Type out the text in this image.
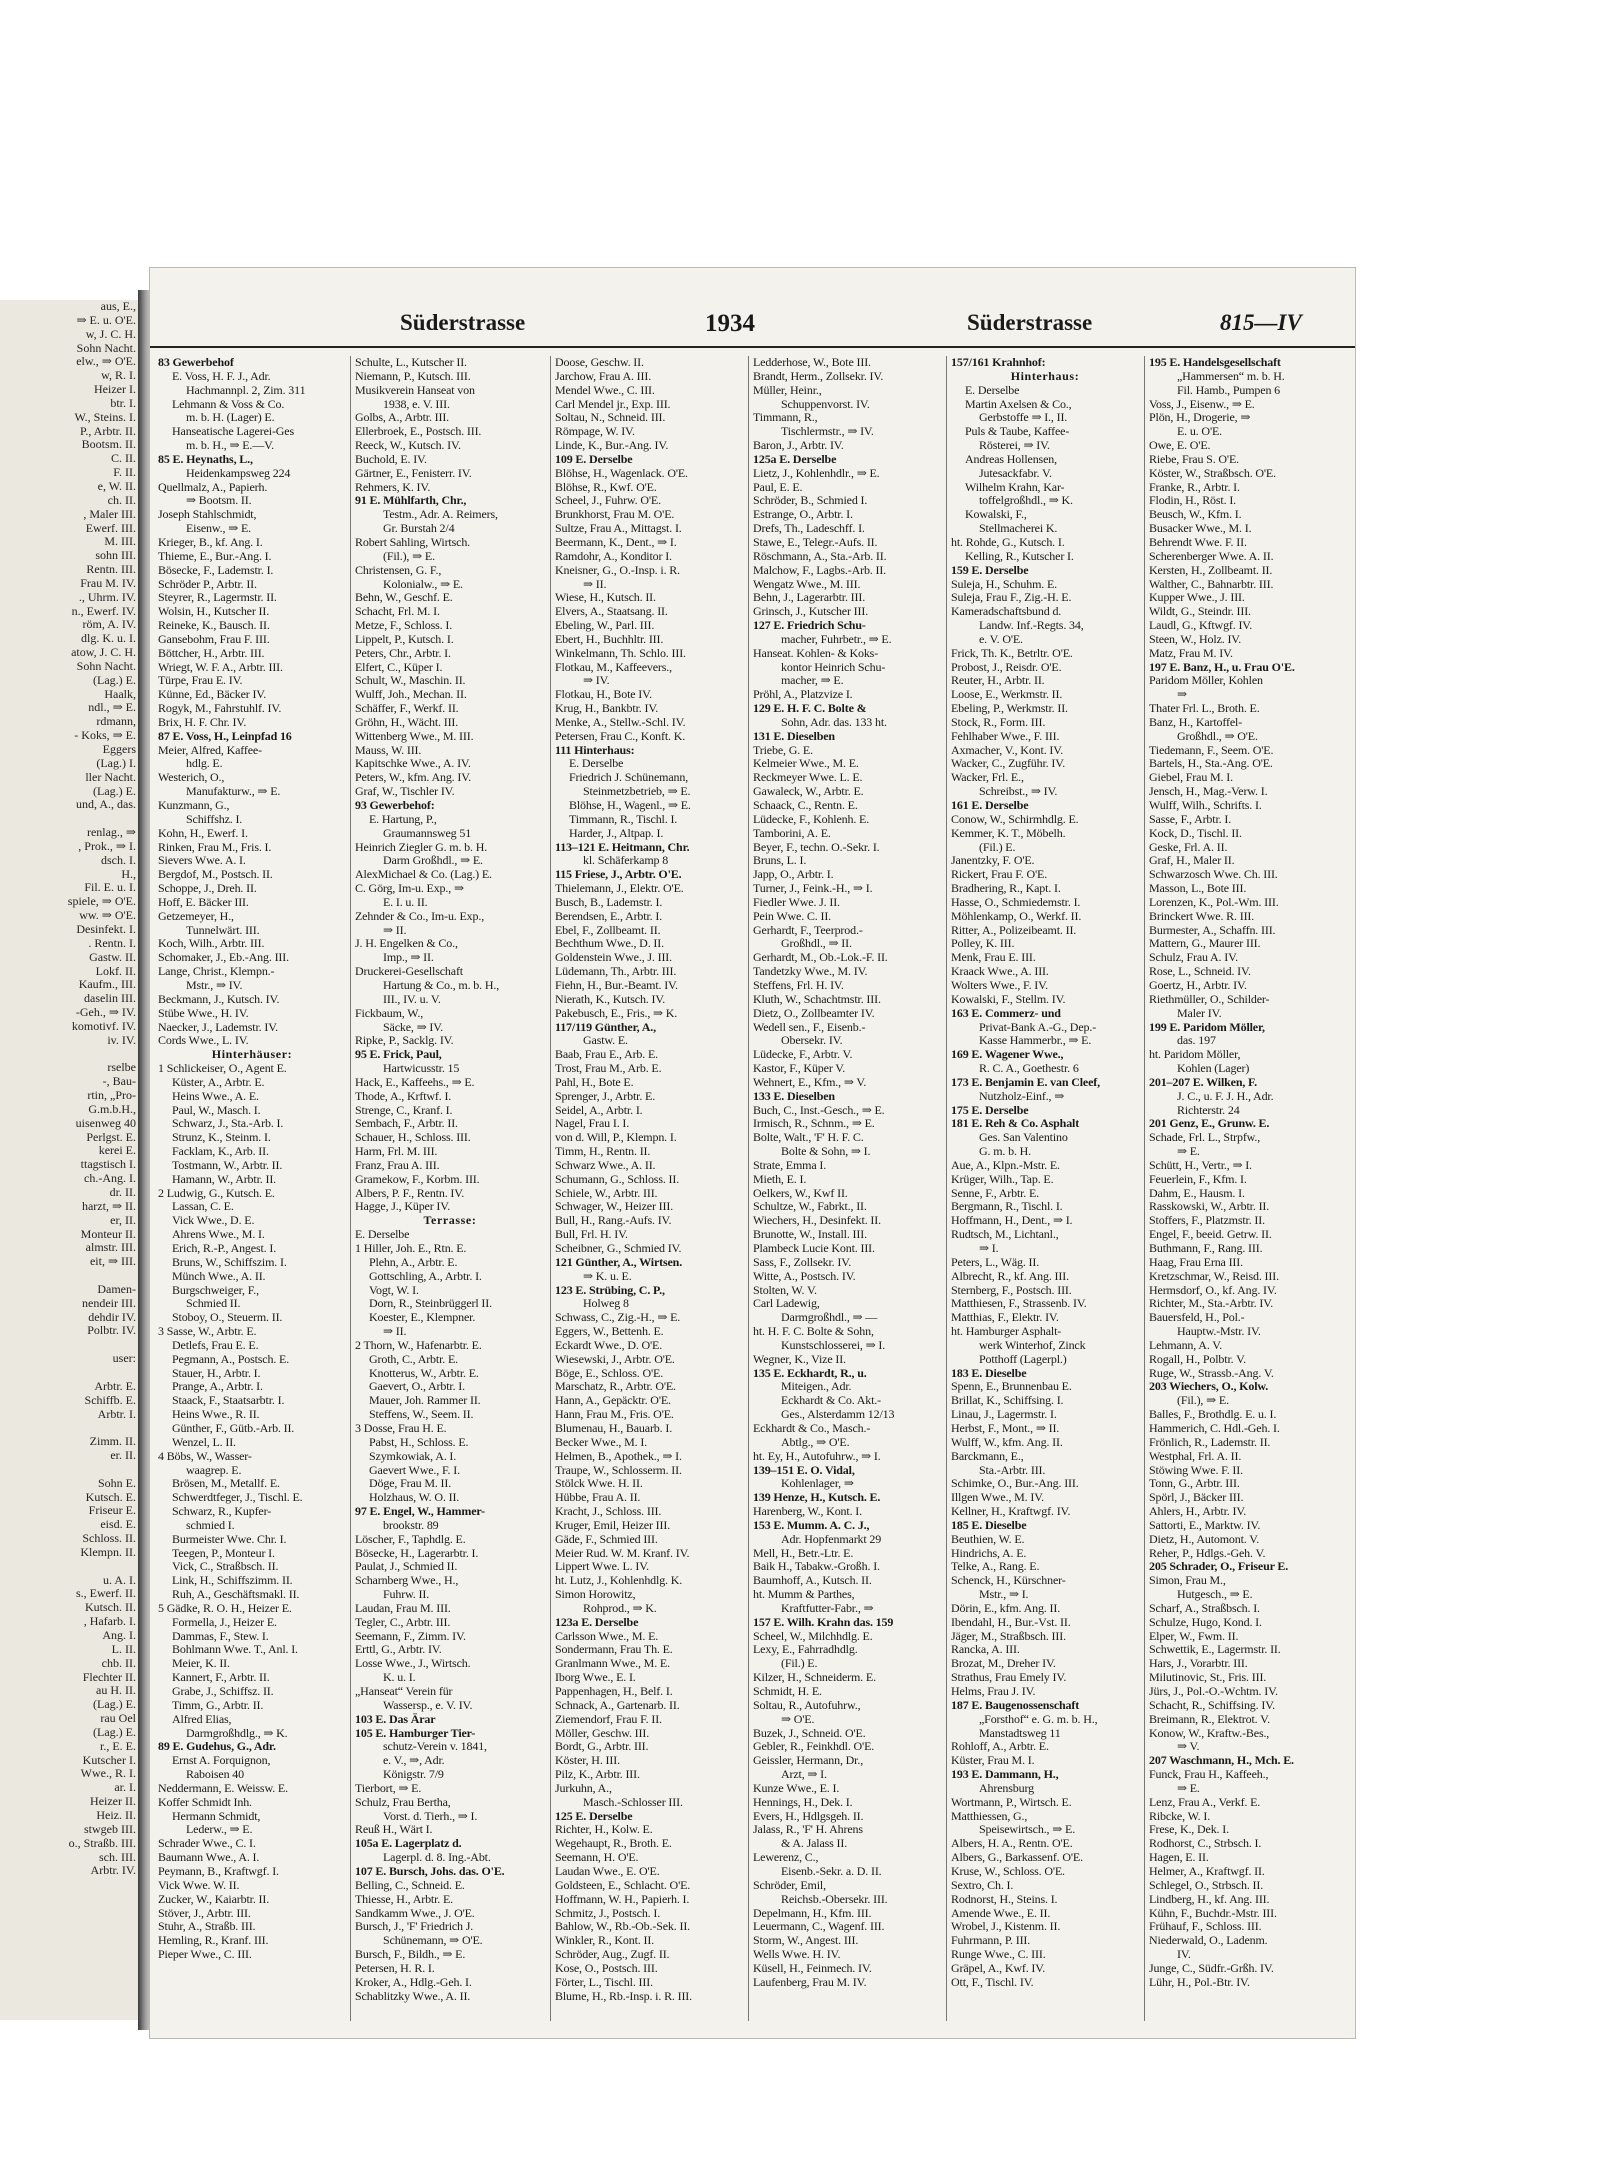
aus, E.,
⇒ E. u. O'E.
w, J. C. H.
Sohn Nacht.
elw., ⇒ O'E.
w, R. I.
Heizer I.
btr. I.
W., Steins. I.
P., Arbtr. II.
Bootsm. II.
C. II.
F. II.
e, W. II.
ch. II.
, Maler III.
Ewerf. III.
M. III.
sohn III.
Rentn. III.
Frau M. IV.
., Uhrm. IV.
n., Ewerf. IV.
röm, A. IV.
dlg. K. u. I.
atow, J. C. H.
Sohn Nacht.
(Lag.) E.
Haalk,
ndl., ⇒ E.
rdmann,
- Koks, ⇒ E.
Eggers
(Lag.) I.
ller Nacht.
(Lag.) E.
und, A., das.

renlag., ⇒
, Prok., ⇒ I.
dsch. I.
H.,
Fil. E. u. I.
spiele, ⇒ O'E.
ww. ⇒ O'E.
Desinfekt. I.
. Rentn. I.
Gastw. II.
Lokf. II.
Kaufm., III.
daselin III.
-Geh., ⇒ IV.
komotivf. IV.
iv. IV.

rselbe
-, Bau-
rtin, „Pro-
G.m.b.H.,
uisenweg 40
Perlgst. E.
kerei E.
ttagstisch I.
ch.-Ang. I.
dr. II.
harzt, ⇒ II.
er, II.
Monteur II.
almstr. III.
eit, ⇒ III.

Damen-
nendeir III.
dehdir IV.
Polbtr. IV.

user:

Arbtr. E.
Schiffb. E.
Arbtr. I.

Zimm. II.
er. II.

Sohn E.
Kutsch. E.
Friseur E.
eisd. E.
Schloss. II.
Klempn. II.

u. A. I.
s., Ewerf. II.
Kutsch. II.
, Hafarb. I.
Ang. I.
L. II.
chb. II.
Flechter II.
au H. II.
(Lag.) E.
rau Oel
(Lag.) E.
r., E. E.
Kutscher I.
Wwe., R. I.
ar. I.
Heizer II.
Heiz. II.
stwgeb III.
o., Straßb. III.
sch. III.
Arbtr. IV.
Süderstrasse	1934	Süderstrasse	815—IV
83 Gewerbehof
E. Voss, H. F. J., Adr.
Hachmannpl. 2, Zim. 311
Lehmann & Voss & Co.
m. b. H. (Lager) E.
Hanseatische Lagerei-Ges
m. b. H., ⇒ E.—V.
85 E. Heynaths, L.,
Heidenkampsweg 224
Quellmalz, A., Papierh.
⇒ Bootsm. II.
Joseph Stahlschmidt,
Eisenw., ⇒ E.
Krieger, B., kf. Ang. I.
Thieme, E., Bur.-Ang. I.
Bösecke, F., Lademstr. I.
Schröder P., Arbtr. II.
Steyrer, R., Lagermstr. II.
Wolsin, H., Kutscher II.
Reineke, K., Bausch. II.
Gansebohm, Frau F. III.
Böttcher, H., Arbtr. III.
Wriegt, W. F. A., Arbtr. III.
Türpe, Frau E. IV.
Künne, Ed., Bäcker IV.
Rogyk, M., Fahrstuhlf. IV.
Brix, H. F. Chr. IV.
87 E. Voss, H., Leinpfad 16
Meier, Alfred, Kaffee-
hdlg. E.
Westerich, O.,
Manufakturw., ⇒ E.
Kunzmann, G.,
Schiffshz. I.
Kohn, H., Ewerf. I.
Rinken, Frau M., Fris. I.
Sievers Wwe. A. I.
Bergdof, M., Postsch. II.
Schoppe, J., Dreh. II.
Hoff, E. Bäcker III.
Getzemeyer, H.,
Tunnelwärt. III.
Koch, Wilh., Arbtr. III.
Schomaker, J., Eb.-Ang. III.
Lange, Christ., Klempn.-
Mstr., ⇒ IV.
Beckmann, J., Kutsch. IV.
Stübe Wwe., H. IV.
Naecker, J., Lademstr. IV.
Cords Wwe., L. IV.
Hinterhäuser:
1 Schlickeiser, O., Agent E.
Küster, A., Arbtr. E.
Heins Wwe., A. E.
Paul, W., Masch. I.
Schwarz, J., Sta.-Arb. I.
Strunz, K., Steinm. I.
Facklam, K., Arb. II.
Tostmann, W., Arbtr. II.
Hamann, W., Arbtr. II.
2 Ludwig, G., Kutsch. E.
Lassan, C. E.
Vick Wwe., D. E.
Ahrens Wwe., M. I.
Erich, R.-P., Angest. I.
Bruns, W., Schiffszim. I.
Münch Wwe., A. II.
Burgschweiger, F.,
Schmied II.
Stoboy, O., Steuerm. II.
3 Sasse, W., Arbtr. E.
Detlefs, Frau E. E.
Pegmann, A., Postsch. E.
Stauer, H., Arbtr. I.
Prange, A., Arbtr. I.
Staack, F., Staatsarbtr. I.
Heins Wwe., R. II.
Günther, F., Gütb.-Arb. II.
Wenzel, L. II.
4 Böbs, W., Wasser-
waagrep. E.
Brösen, M., Metallf. E.
Schwerdtfeger, J., Tischl. E.
Schwarz, R., Kupfer-
schmied I.
Burmeister Wwe. Chr. I.
Teegen, P., Monteur I.
Vick, C., Straßbsch. II.
Link, H., Schiffszimm. II.
Ruh, A., Geschäftsmakl. II.
5 Gädke, R. O. H., Heizer E.
Formella, J., Heizer E.
Dammas, F., Stew. I.
Bohlmann Wwe. T., Anl. I.
Meier, K. II.
Kannert, F., Arbtr. II.
Grabe, J., Schiffsz. II.
Timm, G., Arbtr. II.
Alfred Elias,
Darmgroßhdlg., ⇒ K.
89 E. Gudehus, G., Adr.
Ernst A. Forquignon,
Raboisen 40
Neddermann, E. Weissw. E.
Koffer Schmidt Inh.
Hermann Schmidt,
Lederw., ⇒ E.
Schrader Wwe., C. I.
Baumann Wwe., A. I.
Peymann, B., Kraftwgf. I.
Vick Wwe. W. II.
Zucker, W., Kaiarbtr. II.
Stöver, J., Arbtr. III.
Stuhr, A., Straßb. III.
Hemling, R., Kranf. III.
Pieper Wwe., C. III.
Schulte, L., Kutscher II.
Niemann, P., Kutsch. III.
Musikverein Hanseat von
1938, e. V. III.
Golbs, A., Arbtr. III.
Ellerbroek, E., Postsch. III.
Reeck, W., Kutsch. IV.
Buchold, E. IV.
Gärtner, E., Fenisterr. IV.
Rehmers, K. IV.
91 E. Mühlfarth, Chr.,
Testm., Adr. A. Reimers,
Gr. Burstah 2/4
Robert Sahling, Wirtsch.
(Fil.), ⇒ E.
Christensen, G. F.,
Kolonialw., ⇒ E.
Behn, W., Geschf. E.
Schacht, Frl. M. I.
Metze, F., Schloss. I.
Lippelt, P., Kutsch. I.
Peters, Chr., Arbtr. I.
Elfert, C., Küper I.
Schult, W., Maschin. II.
Wulff, Joh., Mechan. II.
Schäffer, F., Werkf. II.
Gröhn, H., Wächt. III.
Wittenberg Wwe., M. III.
Mauss, W. III.
Kapitschke Wwe., A. IV.
Peters, W., kfm. Ang. IV.
Graf, W., Tischler IV.
93 Gewerbehof:
E. Hartung, P.,
Graumannsweg 51
Heinrich Ziegler G. m. b. H.
Darm Großhdl., ⇒ E.
AlexMichael & Co. (Lag.) E.
C. Görg, Im-u. Exp., ⇒
E. I. u. II.
Zehnder & Co., Im-u. Exp.,
⇒ II.
J. H. Engelken & Co.,
Imp., ⇒ II.
Druckerei-Gesellschaft
Hartung & Co., m. b. H.,
III., IV. u. V.
Fickbaum, W.,
Säcke, ⇒ IV.
Ripke, P., Sacklg. IV.
95 E. Frick, Paul,
Hartwicusstr. 15
Hack, E., Kaffeehs., ⇒ E.
Thode, A., Krftwf. I.
Strenge, C., Kranf. I.
Sembach, F., Arbtr. II.
Schauer, H., Schloss. III.
Harm, Frl. M. III.
Franz, Frau A. III.
Gramekow, F., Korbm. III.
Albers, P. F., Rentn. IV.
Hagge, J., Küper IV.
Terrasse:
E. Derselbe
1 Hiller, Joh. E., Rtn. E.
Plehn, A., Arbtr. E.
Gottschling, A., Arbtr. I.
Vogt, W. I.
Dorn, R., Steinbrüggerl II.
Koester, E., Klempner.
⇒ II.
2 Thorn, W., Hafenarbtr. E.
Groth, C., Arbtr. E.
Knotterus, W., Arbtr. E.
Gaevert, O., Arbtr. I.
Mauer, Joh. Rammer II.
Steffens, W., Seem. II.
3 Dosse, Frau H. E.
Pabst, H., Schloss. E.
Szymkowiak, A. I.
Gaevert Wwe., F. I.
Döge, Frau M. II.
Holzhaus, W. O. II.
97 E. Engel, W., Hammer-
brookstr. 89
Löscher, F., Taphdlg. E.
Bösecke, H., Lagerarbtr. I.
Paulat, J., Schmied II.
Scharnberg Wwe., H.,
Fuhrw. II.
Laudan, Frau M. III.
Tegler, C., Arbtr. III.
Seemann, F., Zimm. IV.
Erttl, G., Arbtr. IV.
Losse Wwe., J., Wirtsch.
K. u. I.
„Hanseat“ Verein für
Wassersp., e. V. IV.
103 E. Das Ärar
105 E. Hamburger Tier-
schutz-Verein v. 1841,
e. V., ⇒, Adr.
Königstr. 7/9
Tierbort, ⇒ E.
Schulz, Frau Bertha,
Vorst. d. Tierh., ⇒ I.
Reuß H., Wärt I.
105a E. Lagerplatz d.
Lagerpl. d. 8. Ing.-Abt.
107 E. Bursch, Johs. das. O'E.
Belling, C., Schneid. E.
Thiesse, H., Arbtr. E.
Sandkamm Wwe., J. O'E.
Bursch, J., 'F' Friedrich J.
Schünemann, ⇒ O'E.
Bursch, F., Bildh., ⇒ E.
Petersen, H. R. I.
Kroker, A., Hdlg.-Geh. I.
Schablitzky Wwe., A. II.
Doose, Geschw. II.
Jarchow, Frau A. III.
Mendel Wwe., C. III.
Carl Mendel jr., Exp. III.
Soltau, N., Schneid. III.
Römpage, W. IV.
Linde, K., Bur.-Ang. IV.
109 E. Derselbe
Blöhse, H., Wagenlack. O'E.
Blöhse, R., Kwf. O'E.
Scheel, J., Fuhrw. O'E.
Brunkhorst, Frau M. O'E.
Sultze, Frau A., Mittagst. I.
Beermann, K., Dent., ⇒ I.
Ramdohr, A., Konditor I.
Kneisner, G., O.-Insp. i. R.
⇒ II.
Wiese, H., Kutsch. II.
Elvers, A., Staatsang. II.
Ebeling, W., Parl. III.
Ebert, H., Buchhltr. III.
Winkelmann, Th. Schlo. III.
Flotkau, M., Kaffeevers.,
⇒ IV.
Flotkau, H., Bote IV.
Krug, H., Bankbtr. IV.
Menke, A., Stellw.-Schl. IV.
Petersen, Frau C., Konft. K.
111 Hinterhaus:
E. Derselbe
Friedrich J. Schünemann,
Steinmetzbetrieb, ⇒ E.
Blöhse, H., Wagenl., ⇒ E.
Timmann, R., Tischl. I.
Harder, J., Altpap. I.
113–121 E. Heitmann, Chr.
kl. Schäferkamp 8
115 Friese, J., Arbtr. O'E.
Thielemann, J., Elektr. O'E.
Busch, B., Lademstr. I.
Berendsen, E., Arbtr. I.
Ebel, F., Zollbeamt. II.
Bechthum Wwe., D. II.
Goldenstein Wwe., J. III.
Lüdemann, Th., Arbtr. III.
Fiehn, H., Bur.-Beamt. IV.
Nierath, K., Kutsch. IV.
Pakebusch, E., Fris., ⇒ K.
117/119 Günther, A.,
Gastw. E.
Baab, Frau E., Arb. E.
Trost, Frau M., Arb. E.
Pahl, H., Bote E.
Sprenger, J., Arbtr. E.
Seidel, A., Arbtr. I.
Nagel, Frau I. I.
von d. Will, P., Klempn. I.
Timm, H., Rentn. II.
Schwarz Wwe., A. II.
Schumann, G., Schloss. II.
Schiele, W., Arbtr. III.
Schwager, W., Heizer III.
Bull, H., Rang.-Aufs. IV.
Bull, Frl. H. IV.
Scheibner, G., Schmied IV.
121 Günther, A., Wirtsen.
⇒ K. u. E.
123 E. Strübing, C. P.,
Holweg 8
Schwass, C., Zig.-H., ⇒ E.
Eggers, W., Bettenh. E.
Eckardt Wwe., D. O'E.
Wiesewski, J., Arbtr. O'E.
Böge, E., Schloss. O'E.
Marschatz, R., Arbtr. O'E.
Hann, A., Gepäcktr. O'E.
Hann, Frau M., Fris. O'E.
Blumenau, H., Bauarb. I.
Becker Wwe., M. I.
Helmen, B., Apothek., ⇒ I.
Traupe, W., Schlosserm. II.
Stölck Wwe. H. II.
Hübbe, Frau A. II.
Kracht, J., Schloss. III.
Kruger, Emil, Heizer III.
Gäde, F., Schmied III.
Meier Rud. W. M. Kranf. IV.
Lippert Wwe. L. IV.
ht. Lutz, J., Kohlenhdlg. K.
Simon Horowitz,
Rohprod., ⇒ K.
123a E. Derselbe
Carlsson Wwe., M. E.
Sondermann, Frau Th. E.
Granlmann Wwe., M. E.
Iborg Wwe., E. I.
Pappenhagen, H., Belf. I.
Schnack, A., Gartenarb. II.
Ziemendorf, Frau F. II.
Möller, Geschw. III.
Bordt, G., Arbtr. III.
Köster, H. III.
Pilz, K., Arbtr. III.
Jurkuhn, A.,
Masch.-Schlosser III.
125 E. Derselbe
Richter, H., Kolw. E.
Wegehaupt, R., Broth. E.
Seemann, H. O'E.
Laudan Wwe., E. O'E.
Goldsteen, E., Schlacht. O'E.
Hoffmann, W. H., Papierh. I.
Schmitz, J., Postsch. I.
Bahlow, W., Rb.-Ob.-Sek. II.
Winkler, R., Kont. II.
Schröder, Aug., Zugf. II.
Kose, O., Postsch. III.
Förter, L., Tischl. III.
Blume, H., Rb.-Insp. i. R. III.
Ledderhose, W., Bote III.
Brandt, Herm., Zollsekr. IV.
Müller, Heinr.,
Schuppenvorst. IV.
Timmann, R.,
Tischlermstr., ⇒ IV.
Baron, J., Arbtr. IV.
125a E. Derselbe
Lietz, J., Kohlenhdlr., ⇒ E.
Paul, E. E.
Schröder, B., Schmied I.
Estrange, O., Arbtr. I.
Drefs, Th., Ladeschff. I.
Stawe, E., Telegr.-Aufs. II.
Röschmann, A., Sta.-Arb. II.
Malchow, F., Lagbs.-Arb. II.
Wengatz Wwe., M. III.
Behn, J., Lagerarbtr. III.
Grinsch, J., Kutscher III.
127 E. Friedrich Schu-
macher, Fuhrbetr., ⇒ E.
Hanseat. Kohlen- & Koks-
kontor Heinrich Schu-
macher, ⇒ E.
Pröhl, A., Platzvize I.
129 E. H. F. C. Bolte &
Sohn, Adr. das. 133 ht.
131 E. Dieselben
Triebe, G. E.
Kelmeier Wwe., M. E.
Reckmeyer Wwe. L. E.
Gawaleck, W., Arbtr. E.
Schaack, C., Rentn. E.
Lüdecke, F., Kohlenh. E.
Tamborini, A. E.
Beyer, F., techn. O.-Sekr. I.
Bruns, L. I.
Japp, O., Arbtr. I.
Turner, J., Feink.-H., ⇒ I.
Fiedler Wwe. J. II.
Pein Wwe. C. II.
Gerhardt, F., Teerprod.-
Großhdl., ⇒ II.
Gerhardt, M., Ob.-Lok.-F. II.
Tandetzky Wwe., M. IV.
Steffens, Frl. H. IV.
Kluth, W., Schachtmstr. III.
Dietz, O., Zollbeamter IV.
Wedell sen., F., Eisenb.-
Obersekr. IV.
Lüdecke, F., Arbtr. V.
Kastor, F., Küper V.
Wehnert, E., Kfm., ⇒ V.
133 E. Dieselben
Buch, C., Inst.-Gesch., ⇒ E.
Irmisch, R., Schnm., ⇒ E.
Bolte, Walt., 'F' H. F. C.
Bolte & Sohn, ⇒ I.
Strate, Emma I.
Mieth, E. I.
Oelkers, W., Kwf II.
Schultze, W., Fabrkt., II.
Wiechers, H., Desinfekt. II.
Brunotte, W., Install. III.
Plambeck Lucie Kont. III.
Sass, F., Zollsekr. IV.
Witte, A., Postsch. IV.
Stolten, W. V.
Carl Ladewig,
Darmgroßhdl., ⇒ —
ht. H. F. C. Bolte & Sohn,
Kunstschlosserei, ⇒ I.
Wegner, K., Vize II.
135 E. Eckhardt, R., u.
Miteigen., Adr.
Eckhardt & Co. Akt.-
Ges., Alsterdamm 12/13
Eckhardt & Co., Masch.-
Abtlg., ⇒ O'E.
ht. Ey, H., Autofuhrw., ⇒ I.
139–151 E. O. Vidal,
Kohlenlager, ⇒
139 Henze, H., Kutsch. E.
Harenberg, W., Kont. I.
153 E. Mumm. A. C. J.,
Adr. Hopfenmarkt 29
Mell, H., Betr.-Ltr. E.
Baik H., Tabakw.-Großh. I.
Baumhoff, A., Kutsch. II.
ht. Mumm & Parthes,
Kraftfutter-Fabr., ⇒
157 E. Wilh. Krahn das. 159
Scheel, W., Milchhdlg. E.
Lexy, E., Fahrradhdlg.
(Fil.) E.
Kilzer, H., Schneiderm. E.
Schmidt, H. E.
Soltau, R., Autofuhrw.,
⇒ O'E.
Buzek, J., Schneid. O'E.
Gebler, R., Feinkhdl. O'E.
Geissler, Hermann, Dr.,
Arzt, ⇒ I.
Kunze Wwe., E. I.
Hennings, H., Dek. I.
Evers, H., Hdlgsgeh. II.
Jalass, R., 'F' H. Ahrens
& A. Jalass II.
Lewerenz, C.,
Eisenb.-Sekr. a. D. II.
Schröder, Emil,
Reichsb.-Obersekr. III.
Depelmann, H., Kfm. III.
Leuermann, C., Wagenf. III.
Storm, W., Angest. III.
Wells Wwe. H. IV.
Küsell, H., Feinmech. IV.
Laufenberg, Frau M. IV.
157/161 Krahnhof:
Hinterhaus:
E. Derselbe
Martin Axelsen & Co.,
Gerbstoffe ⇒ I., II.
Puls & Taube, Kaffee-
Rösterei, ⇒ IV.
Andreas Hollensen,
Jutesackfabr. V.
Wilhelm Krahn, Kar-
toffelgroßhdl., ⇒ K.
Kowalski, F.,
Stellmacherei K.
ht. Rohde, G., Kutsch. I.
Kelling, R., Kutscher I.
159 E. Derselbe
Suleja, H., Schuhm. E.
Suleja, Frau F., Zig.-H. E.
Kameradschaftsbund d.
Landw. Inf.-Regts. 34,
e. V. O'E.
Frick, Th. K., Betrltr. O'E.
Probost, J., Reisdr. O'E.
Reuter, H., Arbtr. II.
Loose, E., Werkmstr. II.
Ebeling, P., Werkmstr. II.
Stock, R., Form. III.
Fehlhaber Wwe., F. III.
Axmacher, V., Kont. IV.
Wacker, C., Zugführ. IV.
Wacker, Frl. E.,
Schreibst., ⇒ IV.
161 E. Derselbe
Conow, W., Schirmhdlg. E.
Kemmer, K. T., Möbelh.
(Fil.) E.
Janentzky, F. O'E.
Rickert, Frau F. O'E.
Bradhering, R., Kapt. I.
Hasse, O., Schmiedemstr. I.
Möhlenkamp, O., Werkf. II.
Ritter, A., Polizeibeamt. II.
Polley, K. III.
Menk, Frau E. III.
Kraack Wwe., A. III.
Wolters Wwe., F. IV.
Kowalski, F., Stellm. IV.
163 E. Commerz- und
Privat-Bank A.-G., Dep.-
Kasse Hammerbr., ⇒ E.
169 E. Wagener Wwe.,
R. C. A., Goethestr. 6
173 E. Benjamin E. van Cleef,
Nutzholz-Einf., ⇒
175 E. Derselbe
181 E. Reh & Co. Asphalt
Ges. San Valentino
G. m. b. H.
Aue, A., Klpn.-Mstr. E.
Krüger, Wilh., Tap. E.
Senne, F., Arbtr. E.
Bergmann, R., Tischl. I.
Hoffmann, H., Dent., ⇒ I.
Rudtsch, M., Lichtanl.,
⇒ I.
Peters, L., Wäg. II.
Albrecht, R., kf. Ang. III.
Sternberg, F., Postsch. III.
Matthiesen, F., Strassenb. IV.
Matthias, F., Elektr. IV.
ht. Hamburger Asphalt-
werk Winterhof, Zinck
Potthoff (Lagerpl.)
183 E. Dieselbe
Spenn, E., Brunnenbau E.
Brillat, K., Schiffsing. I.
Linau, J., Lagermstr. I.
Herbst, F., Mont., ⇒ II.
Wulff, W., kfm. Ang. II.
Barckmann, E.,
Sta.-Arbtr. III.
Schimke, O., Bur.-Ang. III.
Illgen Wwe., M. IV.
Kellner, H., Kraftwgf. IV.
185 E. Dieselbe
Beuthien, W. E.
Hindrichs, A. E.
Telke, A., Rang. E.
Schenck, H., Kürschner-
Mstr., ⇒ I.
Dörin, E., kfm. Ang. II.
Ibendahl, H., Bur.-Vst. II.
Jäger, M., Straßbsch. III.
Rancka, A. III.
Brozat, M., Dreher IV.
Strathus, Frau Emely IV.
Helms, Frau J. IV.
187 E. Baugenossenschaft
„Forsthof“ e. G. m. b. H.,
Manstadtsweg 11
Rohloff, A., Arbtr. E.
Küster, Frau M. I.
193 E. Dammann, H.,
Ahrensburg
Wortmann, P., Wirtsch. E.
Matthiessen, G.,
Speisewirtsch., ⇒ E.
Albers, H. A., Rentn. O'E.
Albers, G., Barkassenf. O'E.
Kruse, W., Schloss. O'E.
Sextro, Ch. I.
Rodnorst, H., Steins. I.
Amende Wwe., E. II.
Wrobel, J., Kistenm. II.
Fuhrmann, P. III.
Runge Wwe., C. III.
Gräpel, A., Kwf. IV.
Ott, F., Tischl. IV.
195 E. Handelsgesellschaft
„Hammersen“ m. b. H.
Fil. Hamb., Pumpen 6
Voss, J., Eisenw., ⇒ E.
Plön, H., Drogerie, ⇒
E. u. O'E.
Owe, E. O'E.
Riebe, Frau S. O'E.
Köster, W., Straßbsch. O'E.
Franke, R., Arbtr. I.
Flodin, H., Röst. I.
Beusch, W., Kfm. I.
Busacker Wwe., M. I.
Behrendt Wwe. F. II.
Scherenberger Wwe. A. II.
Kersten, H., Zollbeamt. II.
Walther, C., Bahnarbtr. III.
Kupper Wwe., J. III.
Wildt, G., Steindr. III.
Laudl, G., Kftwgf. IV.
Steen, W., Holz. IV.
Matz, Frau M. IV.
197 E. Banz, H., u. Frau O'E.
Paridom Möller, Kohlen
⇒
Thater Frl. L., Broth. E.
Banz, H., Kartoffel-
Großhdl., ⇒ O'E.
Tiedemann, F., Seem. O'E.
Bartels, H., Sta.-Ang. O'E.
Giebel, Frau M. I.
Jensch, H., Mag.-Verw. I.
Wulff, Wilh., Schrifts. I.
Sasse, F., Arbtr. I.
Kock, D., Tischl. II.
Geske, Frl. A. II.
Graf, H., Maler II.
Schwarzosch Wwe. Ch. III.
Masson, L., Bote III.
Lorenzen, K., Pol.-Wm. III.
Brinckert Wwe. R. III.
Burmester, A., Schaffn. III.
Mattern, G., Maurer III.
Schulz, Frau A. IV.
Rose, L., Schneid. IV.
Goertz, H., Arbtr. IV.
Riethmüller, O., Schilder-
Maler IV.
199 E. Paridom Möller,
das. 197
ht. Paridom Möller,
Kohlen (Lager)
201–207 E. Wilken, F.
J. C., u. F. J. H., Adr.
Richterstr. 24
201 Genz, E., Grunw. E.
Schade, Frl. L., Strpfw.,
⇒ E.
Schütt, H., Vertr., ⇒ I.
Feuerlein, F., Kfm. I.
Dahm, E., Hausm. I.
Rasskowski, W., Arbtr. II.
Stoffers, F., Platzmstr. II.
Engel, F., beeid. Getrw. II.
Buthmann, F., Rang. III.
Haag, Frau Erna III.
Kretzschmar, W., Reisd. III.
Hermsdorf, O., kf. Ang. IV.
Richter, M., Sta.-Arbtr. IV.
Bauersfeld, H., Pol.-
Hauptw.-Mstr. IV.
Lehmann, A. V.
Rogall, H., Polbtr. V.
Ruge, W., Strassb.-Ang. V.
203 Wiechers, O., Kolw.
(Fil.), ⇒ E.
Balles, F., Brothdlg. E. u. I.
Hammerich, C. Hdl.-Geh. I.
Frönlich, R., Lademstr. II.
Westphal, Frl. A. II.
Stöwing Wwe. F. II.
Tonn, G., Arbtr. III.
Spörl, J., Bäcker III.
Ahlers, H., Arbtr. IV.
Sattorti, E., Marktw. IV.
Dietz, H., Automont. V.
Reher, P., Hdlgs.-Geh. V.
205 Schrader, O., Friseur E.
Simon, Frau M.,
Hutgesch., ⇒ E.
Scharf, A., Straßbsch. I.
Schulze, Hugo, Kond. I.
Elper, W., Fwm. II.
Schwettik, E., Lagermstr. II.
Hars, J., Vorarbtr. III.
Milutinovic, St., Fris. III.
Jürs, J., Pol.-O.-Wchtm. IV.
Schacht, R., Schiffsing. IV.
Breimann, R., Elektrot. V.
Konow, W., Kraftw.-Bes.,
⇒ V.
207 Waschmann, H., Mch. E.
Funck, Frau H., Kaffeeh.,
⇒ E.
Lenz, Frau A., Verkf. E.
Ribcke, W. I.
Frese, K., Dek. I.
Rodhorst, C., Strbsch. I.
Hagen, E. II.
Helmer, A., Kraftwgf. II.
Schlegel, O., Strbsch. II.
Lindberg, H., kf. Ang. III.
Kühn, F., Buchdr.-Mstr. III.
Frühauf, F., Schloss. III.
Niederwald, O., Ladenm.
IV.
Junge, C., Südfr.-Grßh. IV.
Lühr, H., Pol.-Btr. IV.
